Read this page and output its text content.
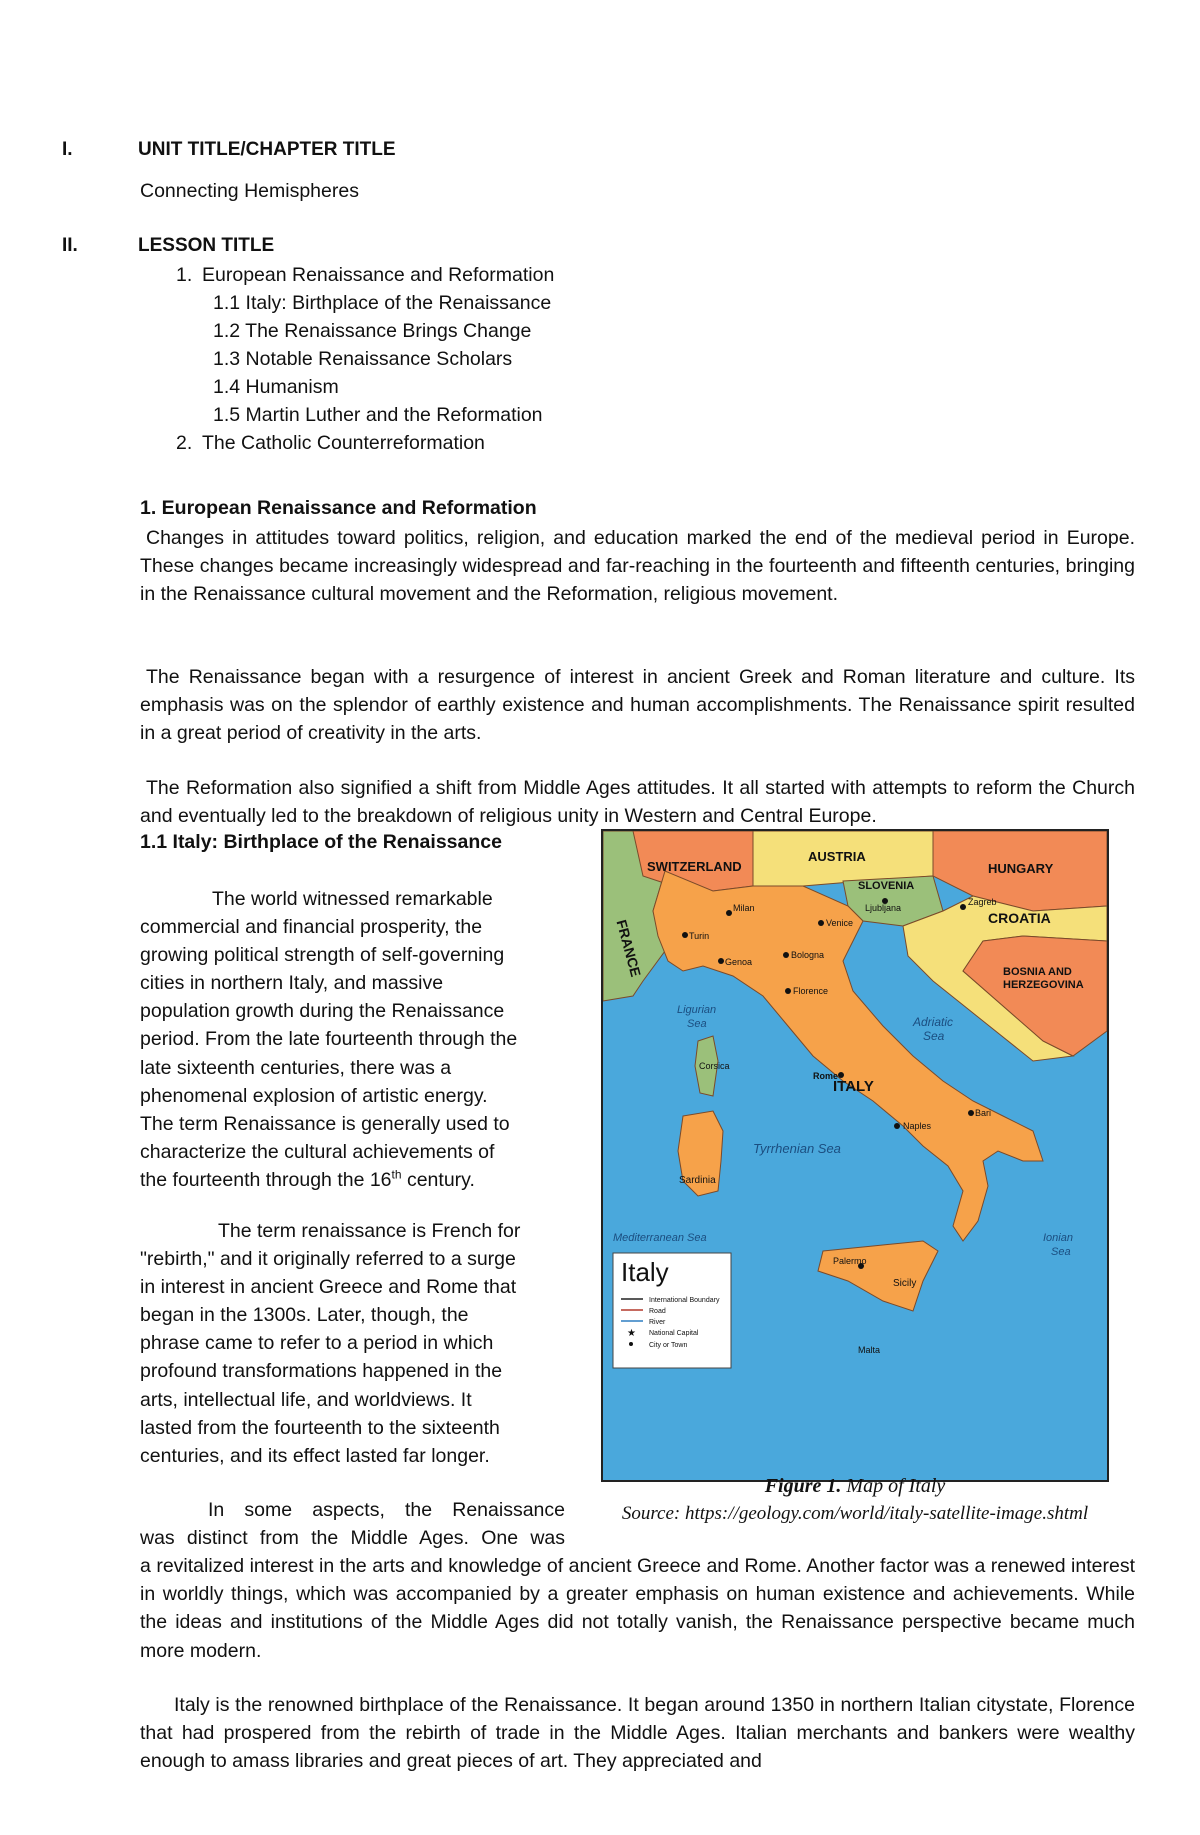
I.	UNIT TITLE/CHAPTER TITLE
Connecting Hemispheres
II.	LESSON TITLE
1. European Renaissance and Reformation
1.1 Italy: Birthplace of the Renaissance
1.2 The Renaissance Brings Change
1.3 Notable Renaissance Scholars
1.4 Humanism
1.5 Martin Luther and the Reformation
2. The Catholic Counterreformation
1. European Renaissance and Reformation

Changes in attitudes toward politics, religion, and education marked the end of the medieval period in Europe. These changes became increasingly widespread and far-reaching in the fourteenth and fifteenth centuries, bringing in the Renaissance cultural movement and the Reformation, religious movement.

The Renaissance began with a resurgence of interest in ancient Greek and Roman literature and culture. Its emphasis was on the splendor of earthly existence and human accomplishments. The Renaissance spirit resulted in a great period of creativity in the arts.

The Reformation also signified a shift from Middle Ages attitudes. It all started with attempts to reform the Church and eventually led to the breakdown of religious unity in Western and Central Europe.

1.1 Italy: Birthplace of the Renaissance
The world witnessed remarkable
commercial and financial prosperity, the
growing political strength of self-governing
cities in northern Italy, and massive
population growth during the Renaissance
period. From the late fourteenth through the
late sixteenth centuries, there was a
phenomenal explosion of artistic energy.
The term Renaissance is generally used to
characterize the cultural achievements of
the fourteenth through the 16th century.
The term renaissance is French for
"rebirth," and it originally referred to a surge
in interest in ancient Greece and Rome that
began in the 1300s. Later, though, the
phrase came to refer to a period in which
profound transformations happened in the
arts, intellectual life, and worldviews. It
lasted from the fourteenth to the sixteenth
centuries, and its effect lasted far longer.
In some aspects, the Renaissance
was distinct from the Middle Ages. One was

a revitalized interest in the arts and knowledge of ancient Greece and Rome. Another factor was a renewed interest in worldly things, which was accompanied by a greater emphasis on human existence and achievements. While the ideas and institutions of the Middle Ages did not totally vanish, the Renaissance perspective became much more modern.

Italy is the renowned birthplace of the Renaissance. It began around 1350 in northern Italian citystate, Florence that had prospered from the rebirth of trade in the Middle Ages. Italian merchants and bankers were wealthy enough to amass libraries and great pieces of art. They appreciated and

SWITZERLAND
AUSTRIA
HUNGARY
SLOVENIA
CROATIA
FRANCE	BOSNIA AND
HERZEGOVINA
ITALY
Ligurian
Sea	Adriatic
Sea
Tyrrhenian Sea
Mediterranean Sea	Ionian
Sea
Sardinia
Sicily
Corsica
Malta
Zagreb
Ljubljana
Rome
Palermo
Naples
Florence
Venice
Milan
Turin
Genoa
Bologna
Bari
Italy
International Boundary
Road
River
★ National Capital
City or Town
Figure 1. Map of Italy
Source: https://geology.com/world/italy-satellite-image.shtml
